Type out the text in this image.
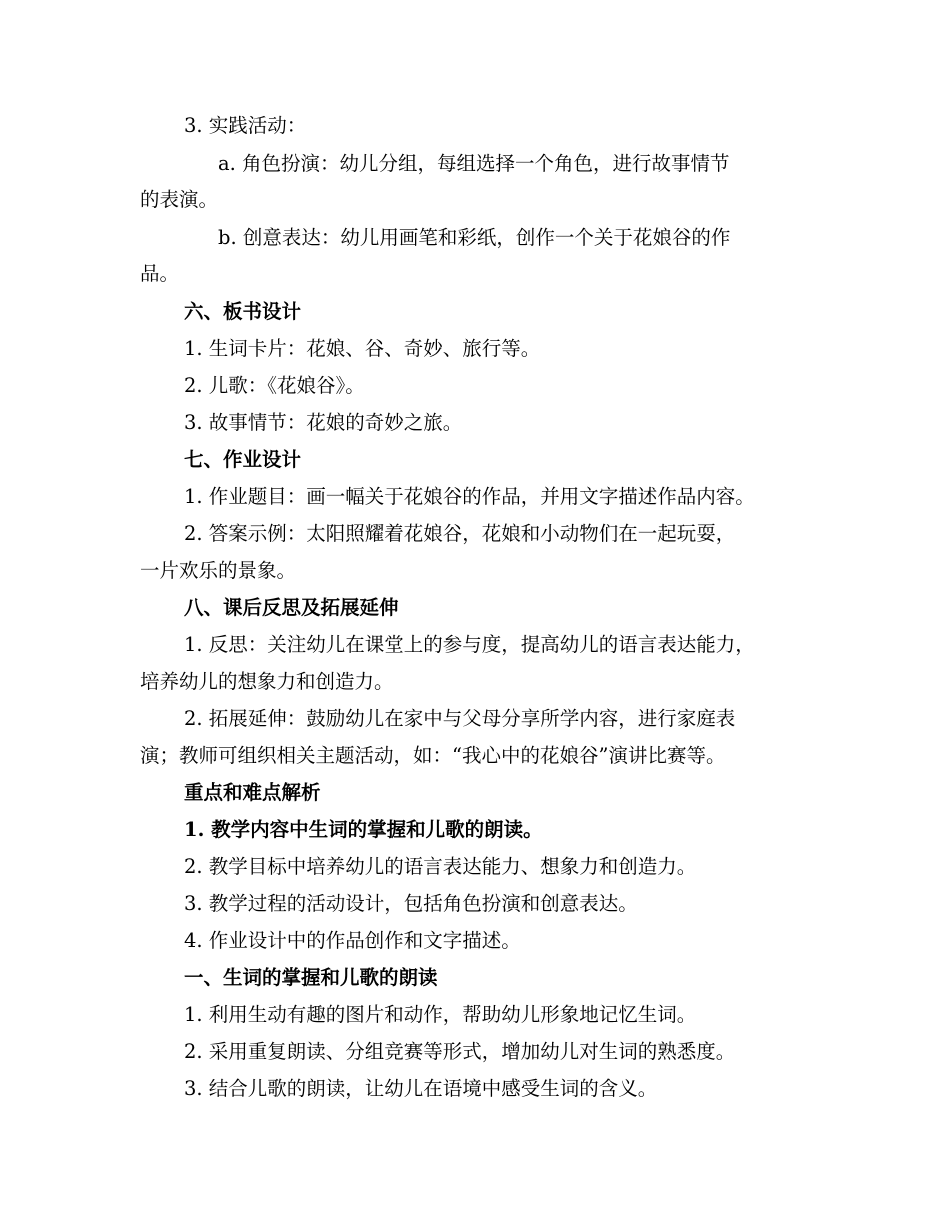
3. 实践活动：
a. 角色扮演：幼儿分组，每组选择一个角色，进行故事情节
的表演。
b. 创意表达：幼儿用画笔和彩纸，创作一个关于花娘谷的作
品。
六、板书设计
1. 生词卡片：花娘、谷、奇妙、旅行等。
2. 儿歌：《花娘谷》。
3. 故事情节：花娘的奇妙之旅。
七、作业设计
1. 作业题目：画一幅关于花娘谷的作品，并用文字描述作品内容。
2. 答案示例：太阳照耀着花娘谷，花娘和小动物们在一起玩耍，
一片欢乐的景象。
八、课后反思及拓展延伸
1. 反思：关注幼儿在课堂上的参与度，提高幼儿的语言表达能力，
培养幼儿的想象力和创造力。
2. 拓展延伸：鼓励幼儿在家中与父母分享所学内容，进行家庭表
演；教师可组织相关主题活动，如：“我心中的花娘谷”演讲比赛等。
重点和难点解析
1. 教学内容中生词的掌握和儿歌的朗读。
2. 教学目标中培养幼儿的语言表达能力、想象力和创造力。
3. 教学过程的活动设计，包括角色扮演和创意表达。
4. 作业设计中的作品创作和文字描述。
一、生词的掌握和儿歌的朗读
1. 利用生动有趣的图片和动作，帮助幼儿形象地记忆生词。
2. 采用重复朗读、分组竞赛等形式，增加幼儿对生词的熟悉度。
3. 结合儿歌的朗读，让幼儿在语境中感受生词的含义。
